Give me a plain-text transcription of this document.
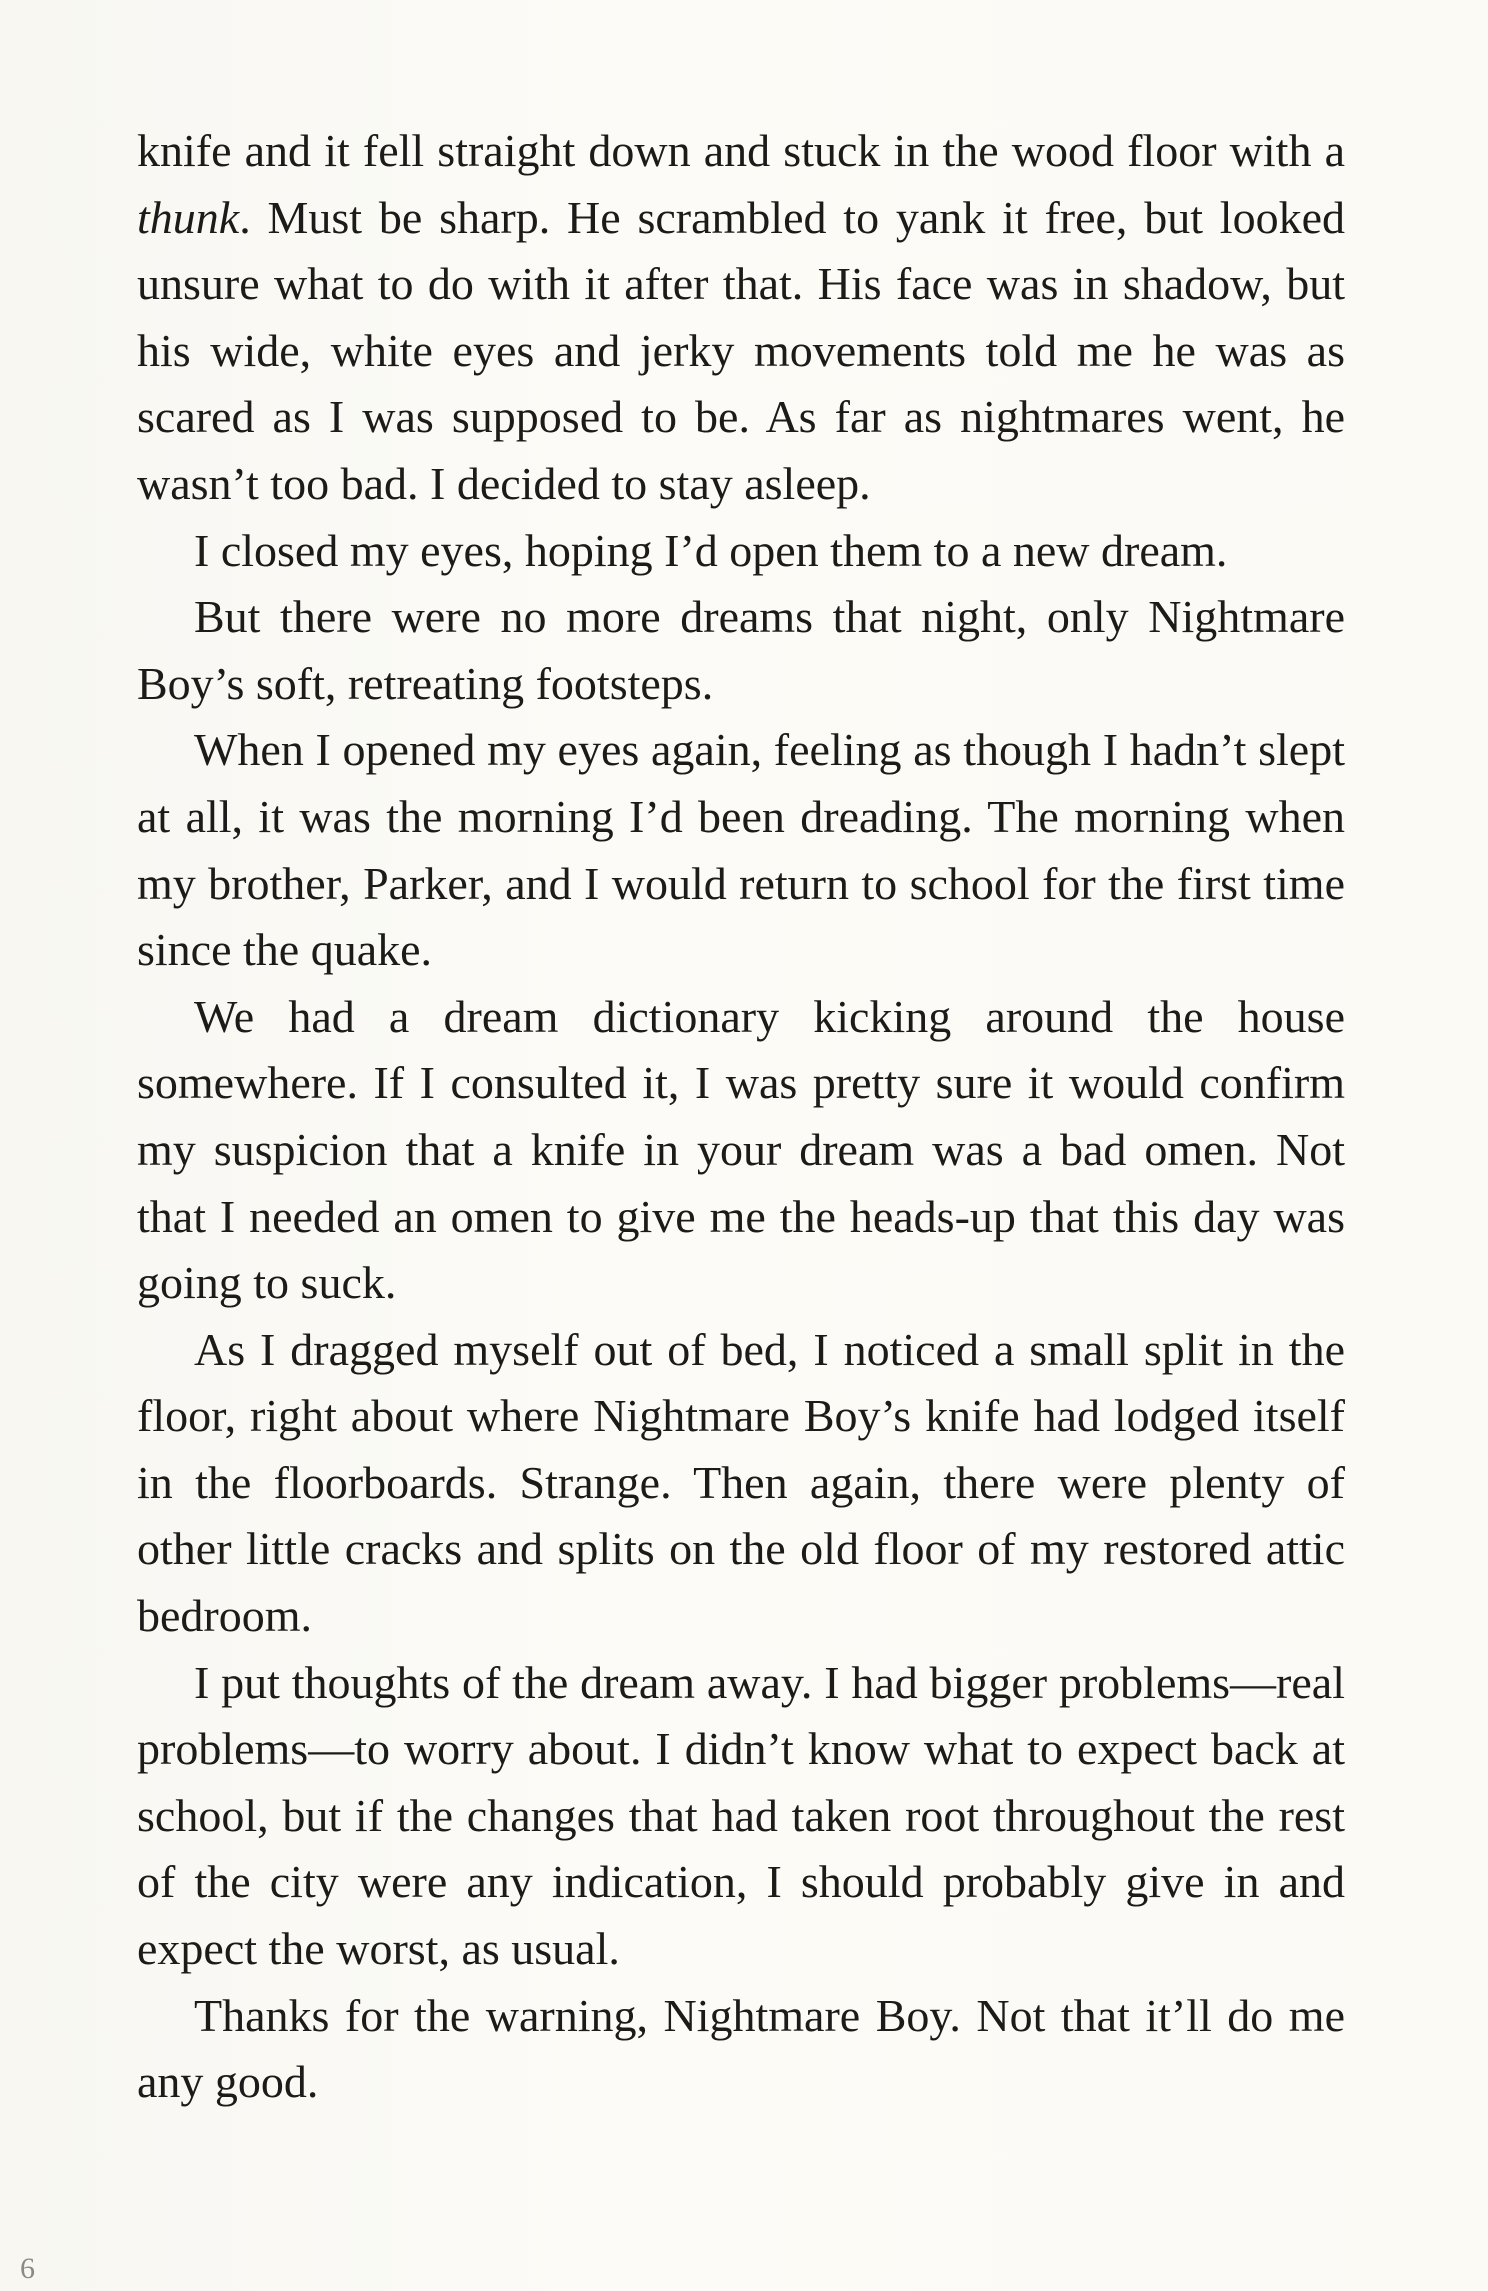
knife and it fell straight down and stuck in the wood floor with a thunk. Must be sharp. He scrambled to yank it free, but looked unsure what to do with it after that. His face was in shadow, but his wide, white eyes and jerky movements told me he was as scared as I was supposed to be. As far as nightmares went, he wasn’t too bad. I decided to stay asleep.

I closed my eyes, hoping I’d open them to a new dream.

But there were no more dreams that night, only Nightmare Boy’s soft, retreating footsteps.

When I opened my eyes again, feeling as though I hadn’t slept at all, it was the morning I’d been dreading. The morning when my brother, Parker, and I would return to school for the first time since the quake.

We had a dream dictionary kicking around the house somewhere. If I consulted it, I was pretty sure it would confirm my suspicion that a knife in your dream was a bad omen. Not that I needed an omen to give me the heads-up that this day was going to suck.

As I dragged myself out of bed, I noticed a small split in the floor, right about where Nightmare Boy’s knife had lodged itself in the floorboards. Strange. Then again, there were plenty of other little cracks and splits on the old floor of my restored attic bedroom.

I put thoughts of the dream away. I had bigger problems—real problems—to worry about. I didn’t know what to expect back at school, but if the changes that had taken root throughout the rest of the city were any indication, I should probably give in and expect the worst, as usual.

Thanks for the warning, Nightmare Boy. Not that it’ll do me any good.

6
